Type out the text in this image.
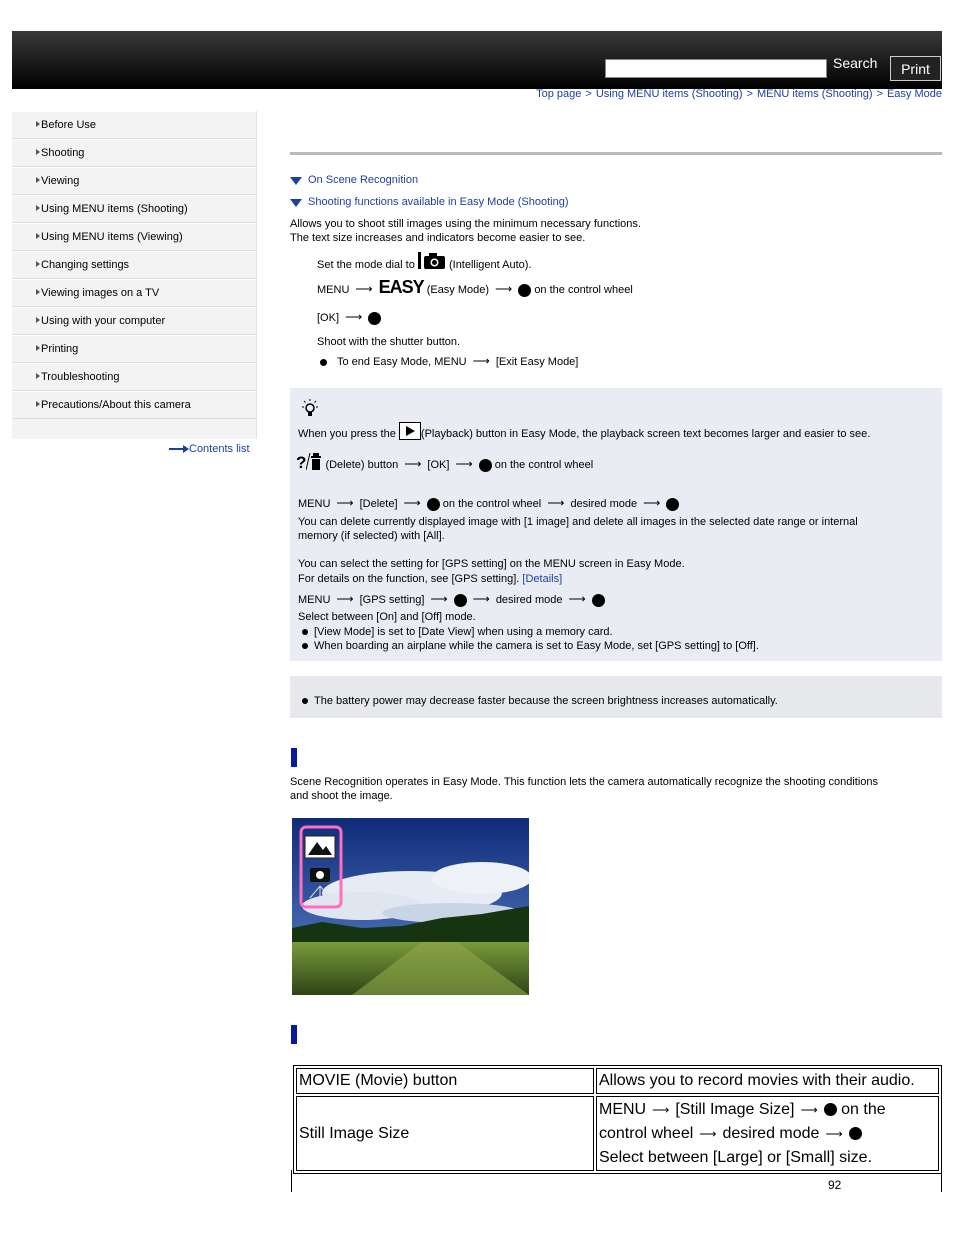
Search	Print
Top page > Using MENU items (Shooting) > MENU items (Shooting) > Easy Mode
Before Use
Shooting
Viewing
Using MENU items (Shooting)
Using MENU items (Viewing)
Changing settings
Viewing images on a TV
Using with your computer
Printing
Troubleshooting
Precautions/About this camera
Contents list
On Scene Recognition
Shooting functions available in Easy Mode (Shooting)
Allows you to shoot still images using the minimum necessary functions.
The text size increases and indicators become easier to see.
Set the mode dial to	(Intelligent Auto).
MENU ⟶ EASY (Easy Mode) ⟶ on the control wheel
[OK] ⟶
Shoot with the shutter button.
To end Easy Mode, MENU ⟶ [Exit Easy Mode]
When you press the (Playback) button in Easy Mode, the playback screen text becomes larger and easier to see.
? (Delete) button ⟶ [OK] ⟶ on the control wheel
MENU ⟶ [Delete] ⟶ on the control wheel ⟶ desired mode ⟶
You can delete currently displayed image with [1 image] and delete all images in the selected date range or internal
memory (if selected) with [All].
You can select the setting for [GPS setting] on the MENU screen in Easy Mode.
For details on the function, see [GPS setting]. [Details]
MENU ⟶ [GPS setting] ⟶ ⟶ desired mode ⟶
Select between [On] and [Off] mode.
[View Mode] is set to [Date View] when using a memory card.
When boarding an airplane while the camera is set to Easy Mode, set [GPS setting] to [Off].
The battery power may decrease faster because the screen brightness increases automatically.
Scene Recognition operates in Easy Mode. This function lets the camera automatically recognize the shooting conditions
and shoot the image.
MOVIE (Movie) button	Allows you to record movies with their audio.
Still Image Size	MENU ⟶ [Still Image Size] ⟶ on the
control wheel ⟶ desired mode ⟶
Select between [Large] or [Small] size.
92
